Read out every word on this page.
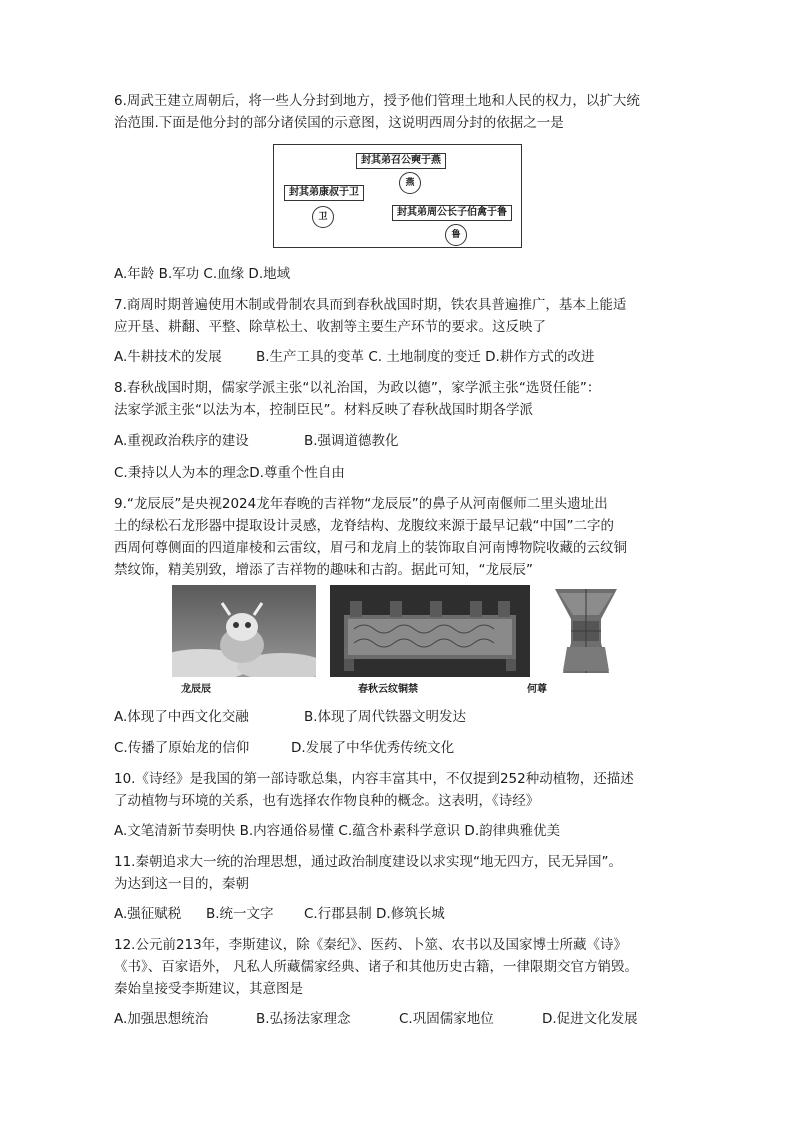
6.周武王建立周朝后，将一些人分封到地方，授予他们管理土地和人民的权力，以扩大统

治范围.下面是他分封的部分诸侯国的示意图，这说明西周分封的依据之一是

封其弟召公奭于燕
燕
封其弟康叔于卫
卫	封其弟周公长子伯禽于鲁
鲁

A.年龄 B.军功 C.血缘 D.地域

7.商周时期普遍使用木制或骨制农具而到春秋战国时期，铁农具普遍推广，基本上能适

应开垦、耕翻、平整、除草松土、收割等主要生产环节的要求。这反映了

A.牛耕技术的发展	B.生产工具的变革 C. 土地制度的变迁 D.耕作方式的改进

8.春秋战国时期，儒家学派主张“以礼治国，为政以德”，家学派主张“选贤任能”：

法家学派主张“以法为本，控制臣民”。材料反映了春秋战国时期各学派

A.重视政治秩序的建设	B.强调道德教化

C.秉持以人为本的理念D.尊重个性自由

9.“龙辰辰”是央视2024龙年春晚的吉祥物“龙辰辰”的鼻子从河南偃师二里头遗址出

土的绿松石龙形器中提取设计灵感，龙脊结构、龙腹纹来源于最早记载“中国”二字的

西周何尊侧面的四道扉棱和云雷纹，眉弓和龙肩上的装饰取自河南博物院收藏的云纹铜

禁纹饰，精美别致，增添了吉祥物的趣味和古韵。据此可知，“龙辰辰”

龙辰辰	春秋云纹铜禁	何尊

A.体现了中西文化交融	B.体现了周代铁器文明发达

C.传播了原始龙的信仰	D.发展了中华优秀传统文化

10.《诗经》是我国的第一部诗歌总集，内容丰富其中，不仅提到252种动植物，还描述

了动植物与环境的关系，也有选择农作物良种的概念。这表明，《诗经》

A.文笔清新节奏明快 B.内容通俗易懂 C.蕴含朴素科学意识 D.韵律典雅优美

11.秦朝追求大一统的治理思想，通过政治制度建设以求实现“地无四方，民无异国”。

为达到这一目的，秦朝

A.强征赋税 B.统一文字 C.行郡县制 D.修筑长城

12.公元前213年，李斯建议，除《秦纪》、医药、卜筮、农书以及国家博士所藏《诗》

《书》、百家语外， 凡私人所藏儒家经典、诸子和其他历史古籍，一律限期交官方销毁。

秦始皇接受李斯建议，其意图是

A.加强思想统治	B.弘扬法家理念	C.巩固儒家地位	D.促进文化发展
